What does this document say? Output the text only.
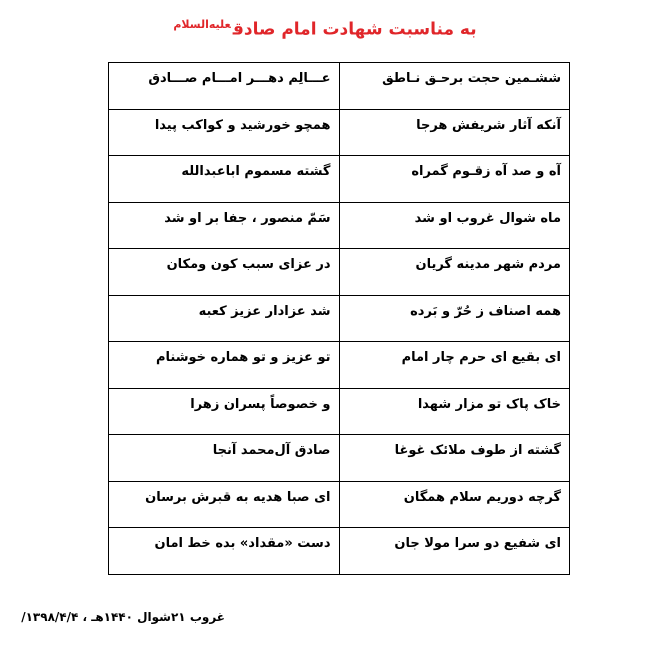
به مناسبت شهادت امام صادق$^{علیه‌السلام}$
ششـمین حجت برحـق نـاطق	عـــالِم دهـــر امـــام صـــادق
آنکه آثار شریفش هرجا	همچو خورشید و کواکب پیدا
آه و صد آه زقـوم گمراه	گشته مسموم اباعبدالله
ماه شوال غروب او شد	سَمّ منصور ، جفا بر او شد
مردم شهر مدینه گریان	در عزای سبب کون ومکان
همه اصناف ز حُرّ و بَرده	شد عزادار عزیز کعبه
ای بقیع ای حرم چار امام	تو عزیز و تو هماره خوشنام
خاک پاک تو مزار شهدا	و خصوصاً پسران زهرا
گشته از طوف ملائک غوغا	صادق آل‌محمد آنجا
گرچه دوریم سلام همگان	ای صبا هدیه به قبرش برسان
ای شفیع دو سرا مولا جان	دست «مقداد» بده خط امان
غروب ۲۱شوال ۱۴۴۰هـ ، ۱۳۹۸/۴/۴/
